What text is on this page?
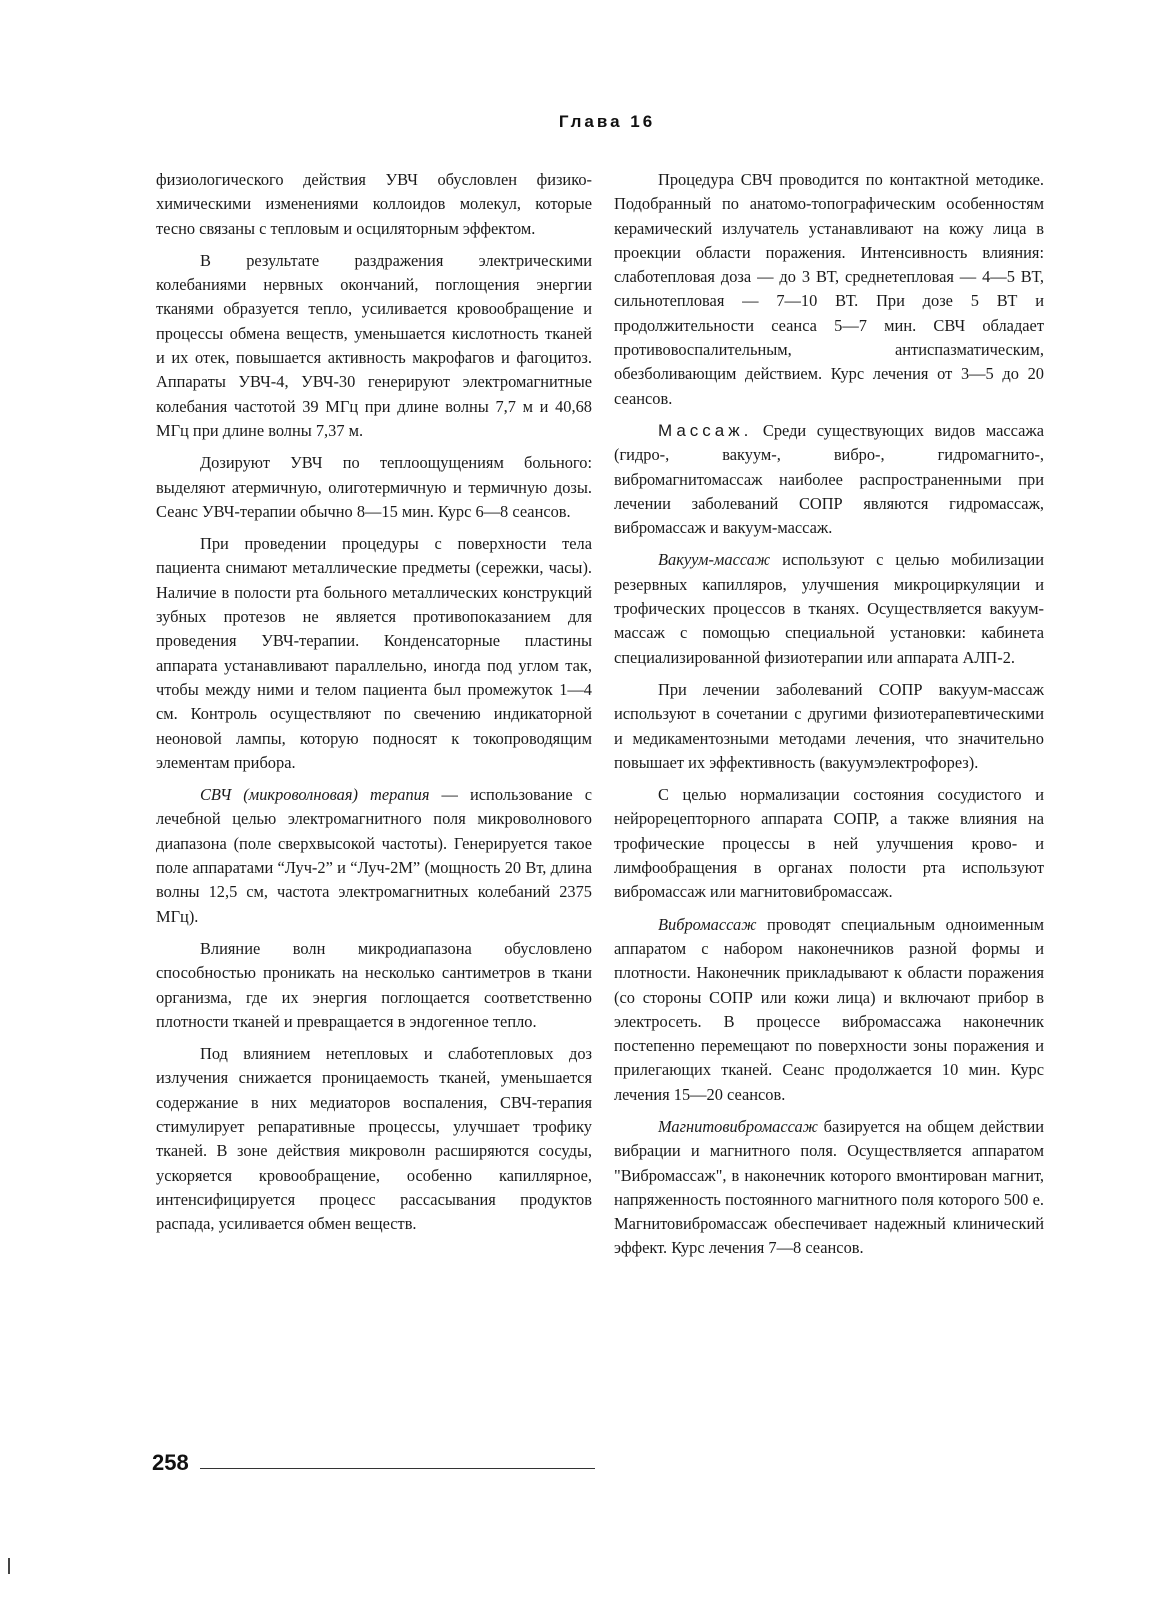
Глава 16

физиологического действия УВЧ обусловлен физико-химическими изменениями коллоидов молекул, которые тесно связаны с тепловым и осциляторным эффектом.

В результате раздражения электрическими колебаниями нервных окончаний, поглощения энергии тканями образуется тепло, усиливается кровообращение и процессы обмена веществ, уменьшается кислотность тканей и их отек, повышается активность макрофагов и фагоцитоз. Аппараты УВЧ-4, УВЧ-30 генерируют электромагнитные колебания частотой 39 МГц при длине волны 7,7 м и 40,68 МГц при длине волны 7,37 м.

Дозируют УВЧ по теплоощущениям больного: выделяют атермичную, олиготермичную и термичную дозы. Сеанс УВЧ-терапии обычно 8—15 мин. Курс 6—8 сеансов.

При проведении процедуры с поверхности тела пациента снимают металлические предметы (сережки, часы). Наличие в полости рта больного металлических конструкций зубных протезов не является противопоказанием для проведения УВЧ-терапии. Конденсаторные пластины аппарата устанавливают параллельно, иногда под углом так, чтобы между ними и телом пациента был промежуток 1—4 см. Контроль осуществляют по свечению индикаторной неоновой лампы, которую подносят к токопроводящим элементам прибора.

СВЧ (микроволновая) терапия — использование с лечебной целью электромагнитного поля микроволнового диапазона (поле сверхвысокой частоты). Генерируется такое поле аппаратами “Луч-2” и “Луч-2М” (мощность 20 Вт, длина волны 12,5 см, частота электромагнитных колебаний 2375 МГц).

Влияние волн микродиапазона обусловлено способностью проникать на несколько сантиметров в ткани организма, где их энергия поглощается соответственно плотности тканей и превращается в эндогенное тепло.

Под влиянием нетепловых и слаботепловых доз излучения снижается проницаемость тканей, уменьшается содержание в них медиаторов воспаления, СВЧ-терапия стимулирует репаративные процессы, улучшает трофику тканей. В зоне действия микроволн расширяются сосуды, ускоряется кровообращение, особенно капиллярное, интенсифицируется процесс рассасывания продуктов распада, усиливается обмен веществ.

Процедура СВЧ проводится по контактной методике. Подобранный по анатомо-топографическим особенностям керамический излучатель устанавливают на кожу лица в проекции области поражения. Интенсивность влияния: слаботепловая доза — до 3 ВТ, среднетепловая — 4—5 ВТ, сильнотепловая — 7—10 ВТ. При дозе 5 ВТ и продолжительности сеанса 5—7 мин. СВЧ обладает противовоспалительным, антиспазматическим, обезболивающим действием. Курс лечения от 3—5 до 20 сеансов.

Массаж. Среди существующих видов массажа (гидро-, вакуум-, вибро-, гидромагнито-, вибромагнитомассаж наиболее распространенными при лечении заболеваний СОПР являются гидромассаж, вибромассаж и вакуум-массаж.

Вакуум-массаж используют с целью мобилизации резервных капилляров, улучшения микроциркуляции и трофических процессов в тканях. Осуществляется вакуум-массаж с помощью специальной установки: кабинета специализированной физиотерапии или аппарата АЛП-2.

При лечении заболеваний СОПР вакуум-массаж используют в сочетании с другими физиотерапевтическими и медикаментозными методами лечения, что значительно повышает их эффективность (вакуумэлектрофорез).

С целью нормализации состояния сосудистого и нейрорецепторного аппарата СОПР, а также влияния на трофические процессы в ней улучшения крово- и лимфообращения в органах полости рта используют вибромассаж или магнитовибромассаж.

Вибромассаж проводят специальным одноименным аппаратом с набором наконечников разной формы и плотности. Наконечник прикладывают к области поражения (со стороны СОПР или кожи лица) и включают прибор в электросеть. В процессе вибромассажа наконечник постепенно перемещают по поверхности зоны поражения и прилегающих тканей. Сеанс продолжается 10 мин. Курс лечения 15—20 сеансов.

Магнитовибромассаж базируется на общем действии вибрации и магнитного поля. Осуществляется аппаратом "Вибромассаж", в наконечник которого вмонтирован магнит, напряженность постоянного магнитного поля которого 500 е. Магнитовибромассаж обеспечивает надежный клинический эффект. Курс лечения 7—8 сеансов.

258
